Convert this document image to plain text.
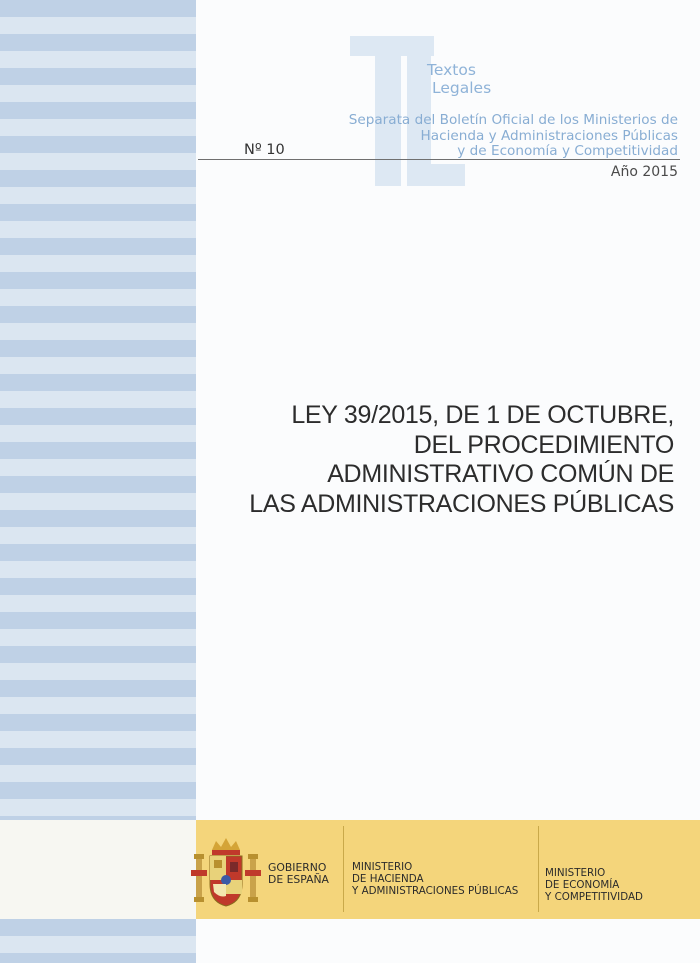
Textos
Legales
Separata del Boletín Oficial de los Ministerios de
Hacienda y Administraciones Públicas
y de Economía y Competitividad
Nº 10
Año 2015
LEY 39/2015, DE 1 DE OCTUBRE,
DEL PROCEDIMIENTO
ADMINISTRATIVO COMÚN DE
LAS ADMINISTRACIONES PÚBLICAS
GOBIERNO
DE ESPAÑA
MINISTERIO
DE HACIENDA
Y ADMINISTRACIONES PÚBLICAS
MINISTERIO
DE ECONOMÍA
Y COMPETITIVIDAD
